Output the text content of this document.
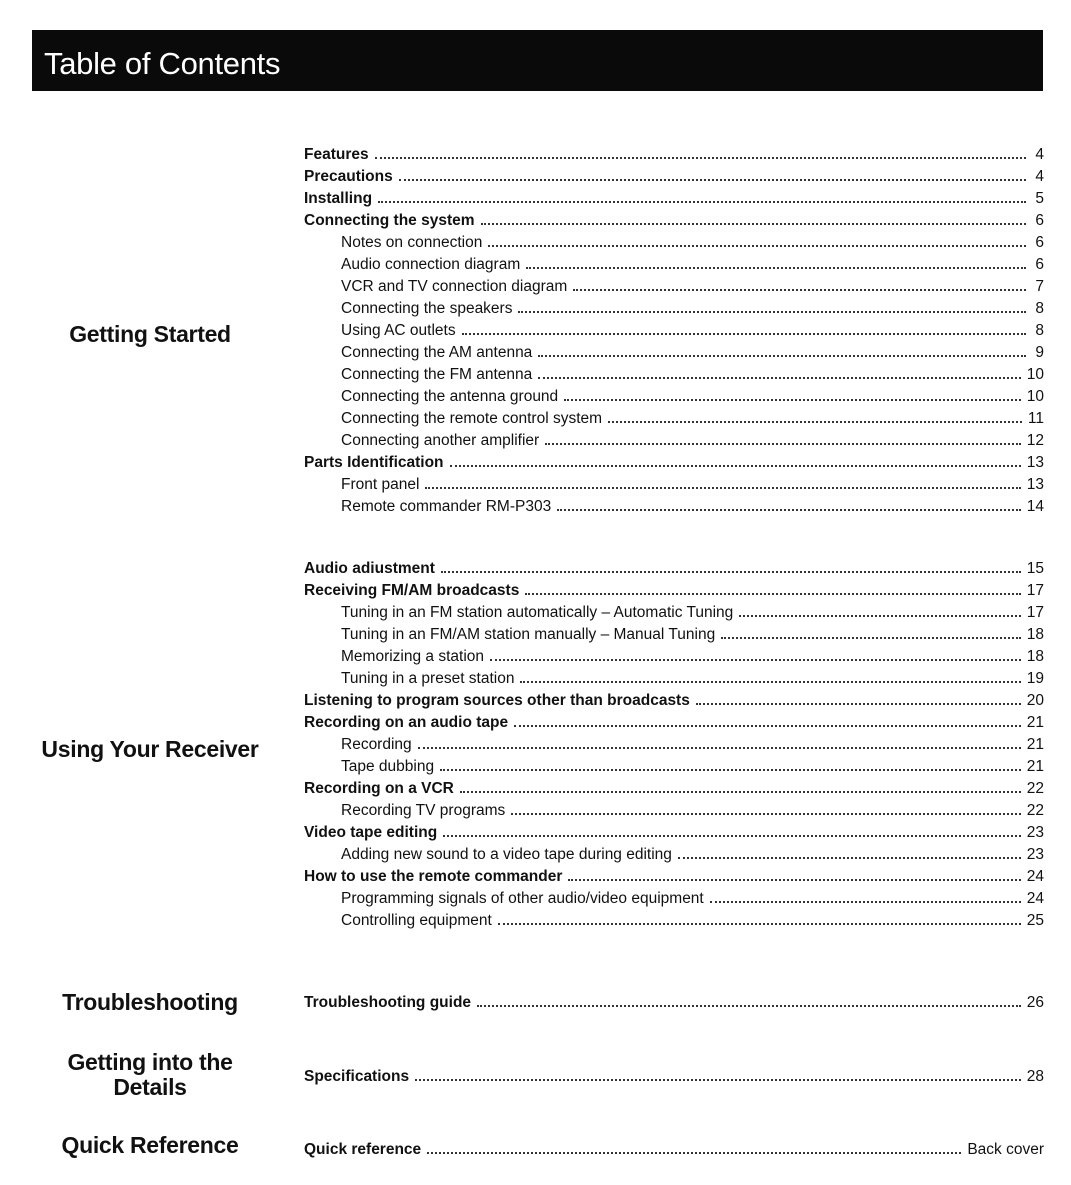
Table of Contents
Getting Started
Features	4
Precautions	4
Installing	5
Connecting the system	6
Notes on connection	6
Audio connection diagram	6
VCR and TV connection diagram	7
Connecting the speakers	8
Using AC outlets	8
Connecting the AM antenna	9
Connecting the FM antenna	10
Connecting the antenna ground	10
Connecting the remote control system	11
Connecting another amplifier	12
Parts Identification	13
Front panel	13
Remote commander RM-P303	14
Using Your Receiver
Audio adiustment	15
Receiving FM/AM broadcasts	17
Tuning in an FM station automatically – Automatic Tuning	17
Tuning in an FM/AM station manually – Manual Tuning	18
Memorizing a station	18
Tuning in a preset station	19
Listening to program sources other than broadcasts	20
Recording on an audio tape	21
Recording	21
Tape dubbing	21
Recording on a VCR	22
Recording TV programs	22
Video tape editing	23
Adding new sound to a video tape during editing	23
How to use the remote commander	24
Programming signals of other audio/video equipment	24
Controlling equipment	25
Troubleshooting	Troubleshooting guide	26
Getting into the Details	Specifications	28
Quick Reference	Quick reference	Back cover
